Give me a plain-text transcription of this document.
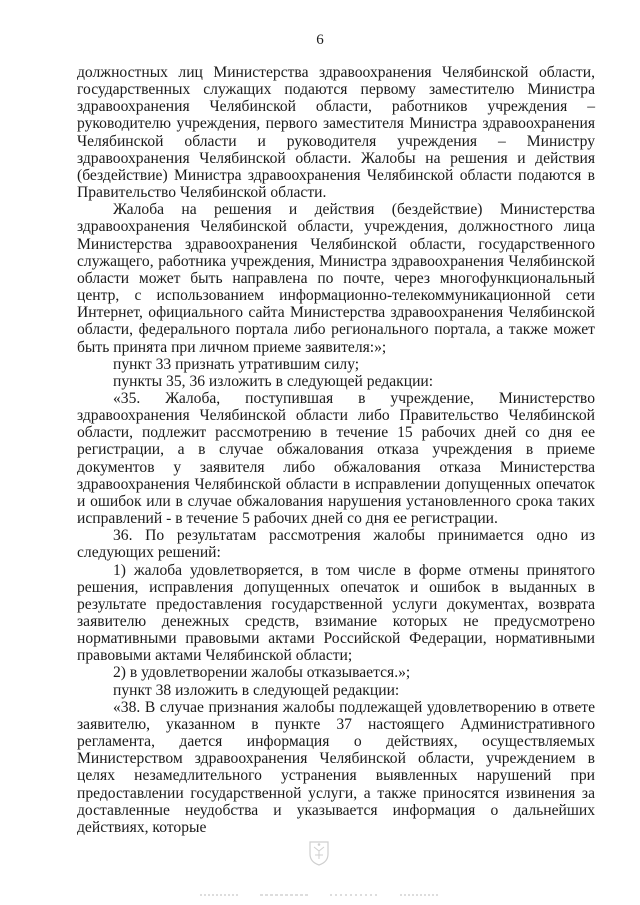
6

должностных лиц Министерства здравоохранения Челябинской области, государственных служащих подаются первому заместителю Министра здравоохранения Челябинской области, работников учреждения – руководителю учреждения, первого заместителя Министра здравоохранения Челябинской области и руководителя учреждения – Министру здравоохранения Челябинской области. Жалобы на решения и действия (бездействие) Министра здравоохранения Челябинской области подаются в Правительство Челябинской области.

Жалоба на решения и действия (бездействие) Министерства здравоохранения Челябинской области, учреждения, должностного лица Министерства здравоохранения Челябинской области, государственного служащего, работника учреждения, Министра здравоохранения Челябинской области может быть направлена по почте, через многофункциональный центр, с использованием информационно-телекоммуникационной сети Интернет, официального сайта Министерства здравоохранения Челябинской области, федерального портала либо регионального портала, а также может быть принята при личном приеме заявителя:»;

пункт 33 признать утратившим силу;

пункты 35, 36 изложить в следующей редакции:

«35. Жалоба, поступившая в учреждение, Министерство здравоохранения Челябинской области либо Правительство Челябинской области, подлежит рассмотрению в течение 15 рабочих дней со дня ее регистрации, а в случае обжалования отказа учреждения в приеме документов у заявителя либо обжалования отказа Министерства здравоохранения Челябинской области в исправлении допущенных опечаток и ошибок или в случае обжалования нарушения установленного срока таких исправлений - в течение 5 рабочих дней со дня ее регистрации.

36. По результатам рассмотрения жалобы принимается одно из следующих решений:

1) жалоба удовлетворяется, в том числе в форме отмены принятого решения, исправления допущенных опечаток и ошибок в выданных в результате предоставления государственной услуги документах, возврата заявителю денежных средств, взимание которых не предусмотрено нормативными правовыми актами Российской Федерации, нормативными правовыми актами Челябинской области;

2) в удовлетворении жалобы отказывается.»;

пункт 38 изложить в следующей редакции:

«38. В случае признания жалобы подлежащей удовлетворению в ответе заявителю, указанном в пункте 37 настоящего Административного регламента, дается информация о действиях, осуществляемых Министерством здравоохранения Челябинской области, учреждением в целях незамедлительного устранения выявленных нарушений при предоставлении государственной услуги, а также приносятся извинения за доставленные неудобства и указывается информация о дальнейших действиях, которые
